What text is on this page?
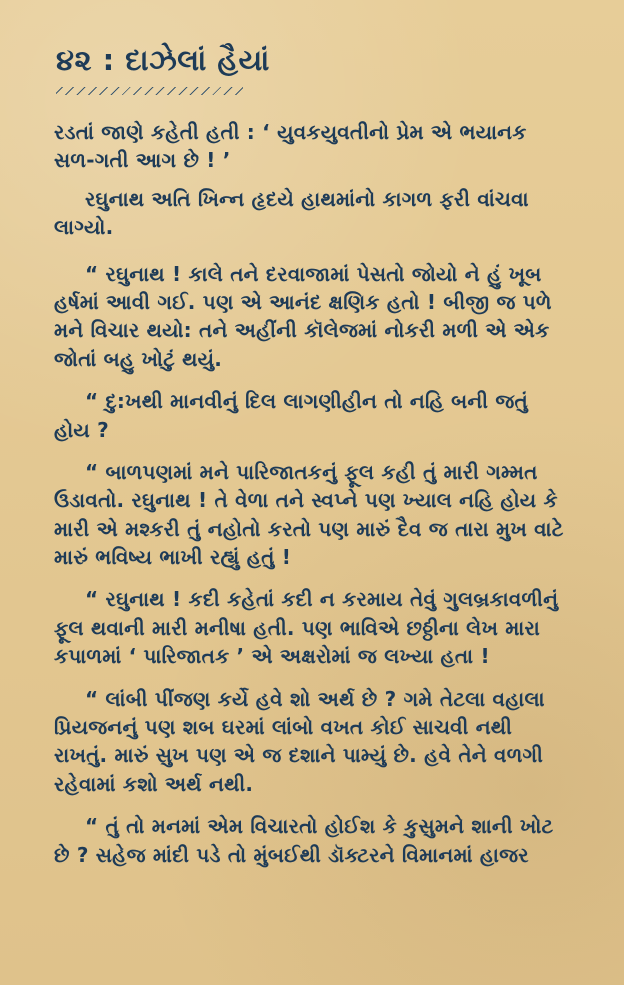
૪૨ : દાઝેલાં હૈયાં

રડતાં જાણે કહેતી હતી : ‘ યુવકયુવતીનો પ્રેમ એ ભયાનક સળ-ગતી આગ છે ! ’

રઘુનાથ અતિ ખિન્ન હૃદયે હાથમાંનો કાગળ ફરી વાંચવા લાગ્યો.

“ રઘુનાથ ! કાલે તને દરવાજામાં પેસતો જોયો ને હું ખૂબ હર્ષમાં આવી ગઈ. પણ એ આનંદ ક્ષણિક હતો ! બીજી જ પળે મને વિચાર થયો: તને અહીંની કૉલેજમાં નોકરી મળી એ એક જોતાં બહુ ખોટું થયું.

“ દુ:ખથી માનવીનું દિલ લાગણીહીન તો નહિ બની જતું હોય ?

“ બાળપણમાં મને પારિજાતકનું ફૂલ કહી તું મારી ગમ્મત ઉડાવતો. રઘુનાથ ! તે વેળા તને સ્વપ્ને પણ ખ્યાલ નહિ હોય કે મારી એ મશ્કરી તું નહોતો કરતો પણ મારું દૈવ જ તારા મુખ વાટે મારું ભવિષ્ય ભાખી રહ્યું હતું !

“ રઘુનાથ ! કદી કહેતાં કદી ન કરમાય તેવું ગુલબ્રકાવળીનું ફૂલ થવાની મારી મનીષા હતી. પણ ભાવિએ છઠ્ઠીના લેખ મારા કપાળમાં ‘ પારિજાતક ’ એ અક્ષરોમાં જ લખ્યા હતા !

“ લાંબી પીંજણ કર્યે હવે શો અર્થ છે ? ગમે તેટલા વહાલા પ્રિયજનનું પણ શબ ઘરમાં લાંબો વખત કોઈ સાચવી નથી રાખતું. મારું સુખ પણ એ જ દશાને પામ્યું છે. હવે તેને વળગી રહેવામાં કશો અર્થ નથી.

“ તું તો મનમાં એમ વિચારતો હોઈશ કે કુસુમને શાની ખોટ છે ? સહેજ માંદી પડે તો મુંબઈથી ડૉક્ટરને વિમાનમાં હાજર
